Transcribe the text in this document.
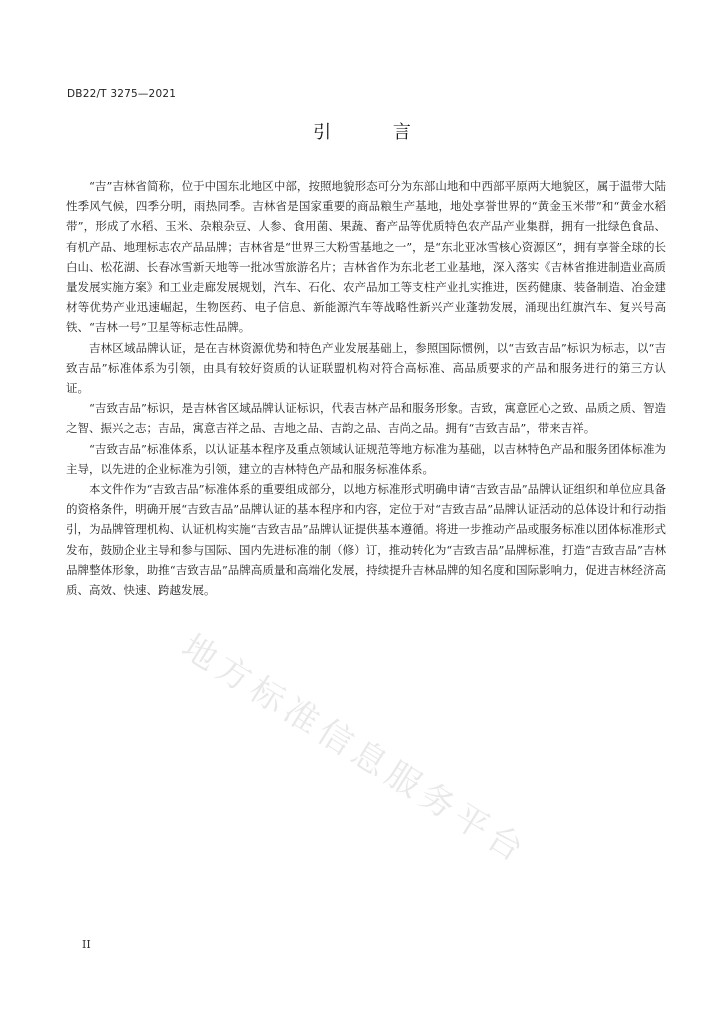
DB22/T 3275—2021
引 言

“吉”吉林省简称，位于中国东北地区中部，按照地貌形态可分为东部山地和中西部平原两大地貌区，属于温带大陆性季风气候，四季分明，雨热同季。吉林省是国家重要的商品粮生产基地，地处享誉世界的“黄金玉米带”和“黄金水稻带”，形成了水稻、玉米、杂粮杂豆、人参、食用菌、果蔬、畜产品等优质特色农产品产业集群，拥有一批绿色食品、有机产品、地理标志农产品品牌；吉林省是“世界三大粉雪基地之一”，是“东北亚冰雪核心资源区”，拥有享誉全球的长白山、松花湖、长春冰雪新天地等一批冰雪旅游名片；吉林省作为东北老工业基地，深入落实《吉林省推进制造业高质量发展实施方案》和工业走廊发展规划，汽车、石化、农产品加工等支柱产业扎实推进，医药健康、装备制造、冶金建材等优势产业迅速崛起，生物医药、电子信息、新能源汽车等战略性新兴产业蓬勃发展，涌现出红旗汽车、复兴号高铁、“吉林一号”卫星等标志性品牌。

吉林区域品牌认证，是在吉林资源优势和特色产业发展基础上，参照国际惯例，以“吉致吉品”标识为标志，以“吉致吉品”标准体系为引领，由具有较好资质的认证联盟机构对符合高标准、高品质要求的产品和服务进行的第三方认证。

“吉致吉品”标识，是吉林省区域品牌认证标识，代表吉林产品和服务形象。吉致，寓意匠心之致、品质之质、智造之智、振兴之志；吉品，寓意吉祥之品、吉地之品、吉韵之品、吉尚之品。拥有“吉致吉品”，带来吉祥。

“吉致吉品”标准体系，以认证基本程序及重点领域认证规范等地方标准为基础，以吉林特色产品和服务团体标准为主导，以先进的企业标准为引领，建立的吉林特色产品和服务标准体系。

本文件作为“吉致吉品”标准体系的重要组成部分，以地方标准形式明确申请“吉致吉品”品牌认证组织和单位应具备的资格条件，明确开展“吉致吉品”品牌认证的基本程序和内容，定位于对“吉致吉品”品牌认证活动的总体设计和行动指引，为品牌管理机构、认证机构实施“吉致吉品”品牌认证提供基本遵循。将进一步推动产品或服务标准以团体标准形式发布，鼓励企业主导和参与国际、国内先进标准的制（修）订，推动转化为“吉致吉品”品牌标准，打造“吉致吉品”吉林品牌整体形象，助推“吉致吉品”品牌高质量和高端化发展，持续提升吉林品牌的知名度和国际影响力，促进吉林经济高质、高效、快速、跨越发展。

地方标准信息服务平台
II
